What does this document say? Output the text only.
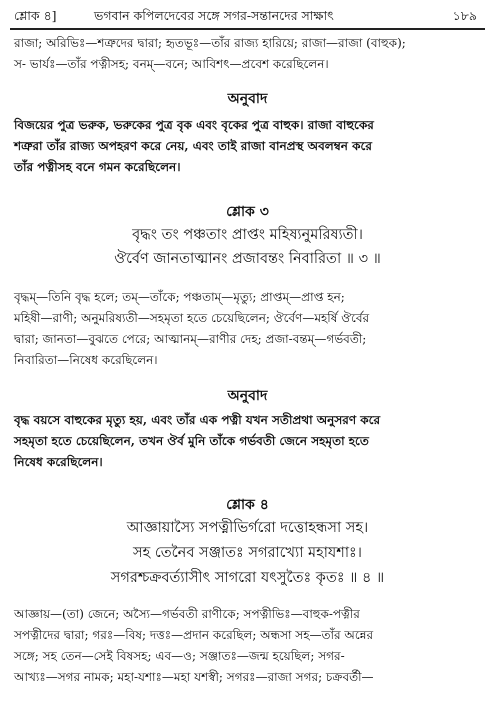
শ্লোক ৪]	ভগবান কপিলদেবের সঙ্গে সগর-সন্তানদের সাক্ষাৎ	১৮৯
রাজা; অরিভিঃ—শত্রুদের দ্বারা; হৃতভূঃ—তাঁর রাজ্য হারিয়ে; রাজা—রাজা (বাহুক);
স- ভার্যঃ—তাঁর পত্নীসহ; বনম্—বনে; আবিশৎ—প্রবেশ করেছিলেন।
অনুবাদ
বিজয়ের পুত্র ভরুক, ভরুকের পুত্র বৃক এবং বৃকের পুত্র বাহুক। রাজা বাহুকের
শত্রুরা তাঁর রাজ্য অপহরণ করে নেয়, এবং তাই রাজা বানপ্রস্থ অবলম্বন করে
তাঁর পত্নীসহ বনে গমন করেছিলেন।
শ্লোক ৩
বৃদ্ধং তং পঞ্চতাং প্রাপ্তং মহিষ্যনুমরিষ্যতী।
ঔর্বেণ জানতাত্মানং প্রজাবন্তং নিবারিতা ॥ ৩ ॥
বৃদ্ধম্—তিনি বৃদ্ধ হলে; তম্—তাঁকে; পঞ্চতাম্—মৃত্যু; প্রাপ্তম্—প্রাপ্ত হন;
মহিষী—রাণী; অনুমরিষ্যতী—সহমৃতা হতে চেয়েছিলেন; ঔর্বেণ—মহর্ষি ঔর্বের
দ্বারা; জানতা—বুঝতে পেরে; আত্মানম্—রাণীর দেহ; প্রজা-বন্তম্—গর্ভবতী;
নিবারিতা—নিষেধ করেছিলেন।
অনুবাদ
বৃদ্ধ বয়সে বাহুকের মৃত্যু হয়, এবং তাঁর এক পত্নী যখন সতীপ্রথা অনুসরণ করে
সহমৃতা হতে চেয়েছিলেন, তখন ঔর্ব মুনি তাঁকে গর্ভবতী জেনে সহমৃতা হতে
নিষেধ করেছিলেন।
শ্লোক ৪
আজ্ঞায়াস্যৈ সপত্নীভির্গরো দত্তোহন্ধসা সহ।
সহ তেনৈব সঞ্জাতঃ সগরাখ্যো মহাযশাঃ।
সগরশ্চক্রবর্ত্যাসীৎ সাগরো যৎসুতৈঃ কৃতঃ ॥ ৪ ॥
আজ্ঞায়—(তা) জেনে; অস্যৈ—গর্ভবতী রাণীকে; সপত্নীভিঃ—বাহুক-পত্নীর
সপত্নীদের দ্বারা; গরঃ—বিষ; দত্তঃ—প্রদান করেছিল; অন্ধসা সহ—তাঁর অন্নের
সঙ্গে; সহ তেন—সেই বিষসহ; এব—ও; সঞ্জাতঃ—জন্ম হয়েছিল; সগর-
আখ্যঃ—সগর নামক; মহা-যশাঃ—মহা যশস্বী; সগরঃ—রাজা সগর; চক্রবর্তী—
